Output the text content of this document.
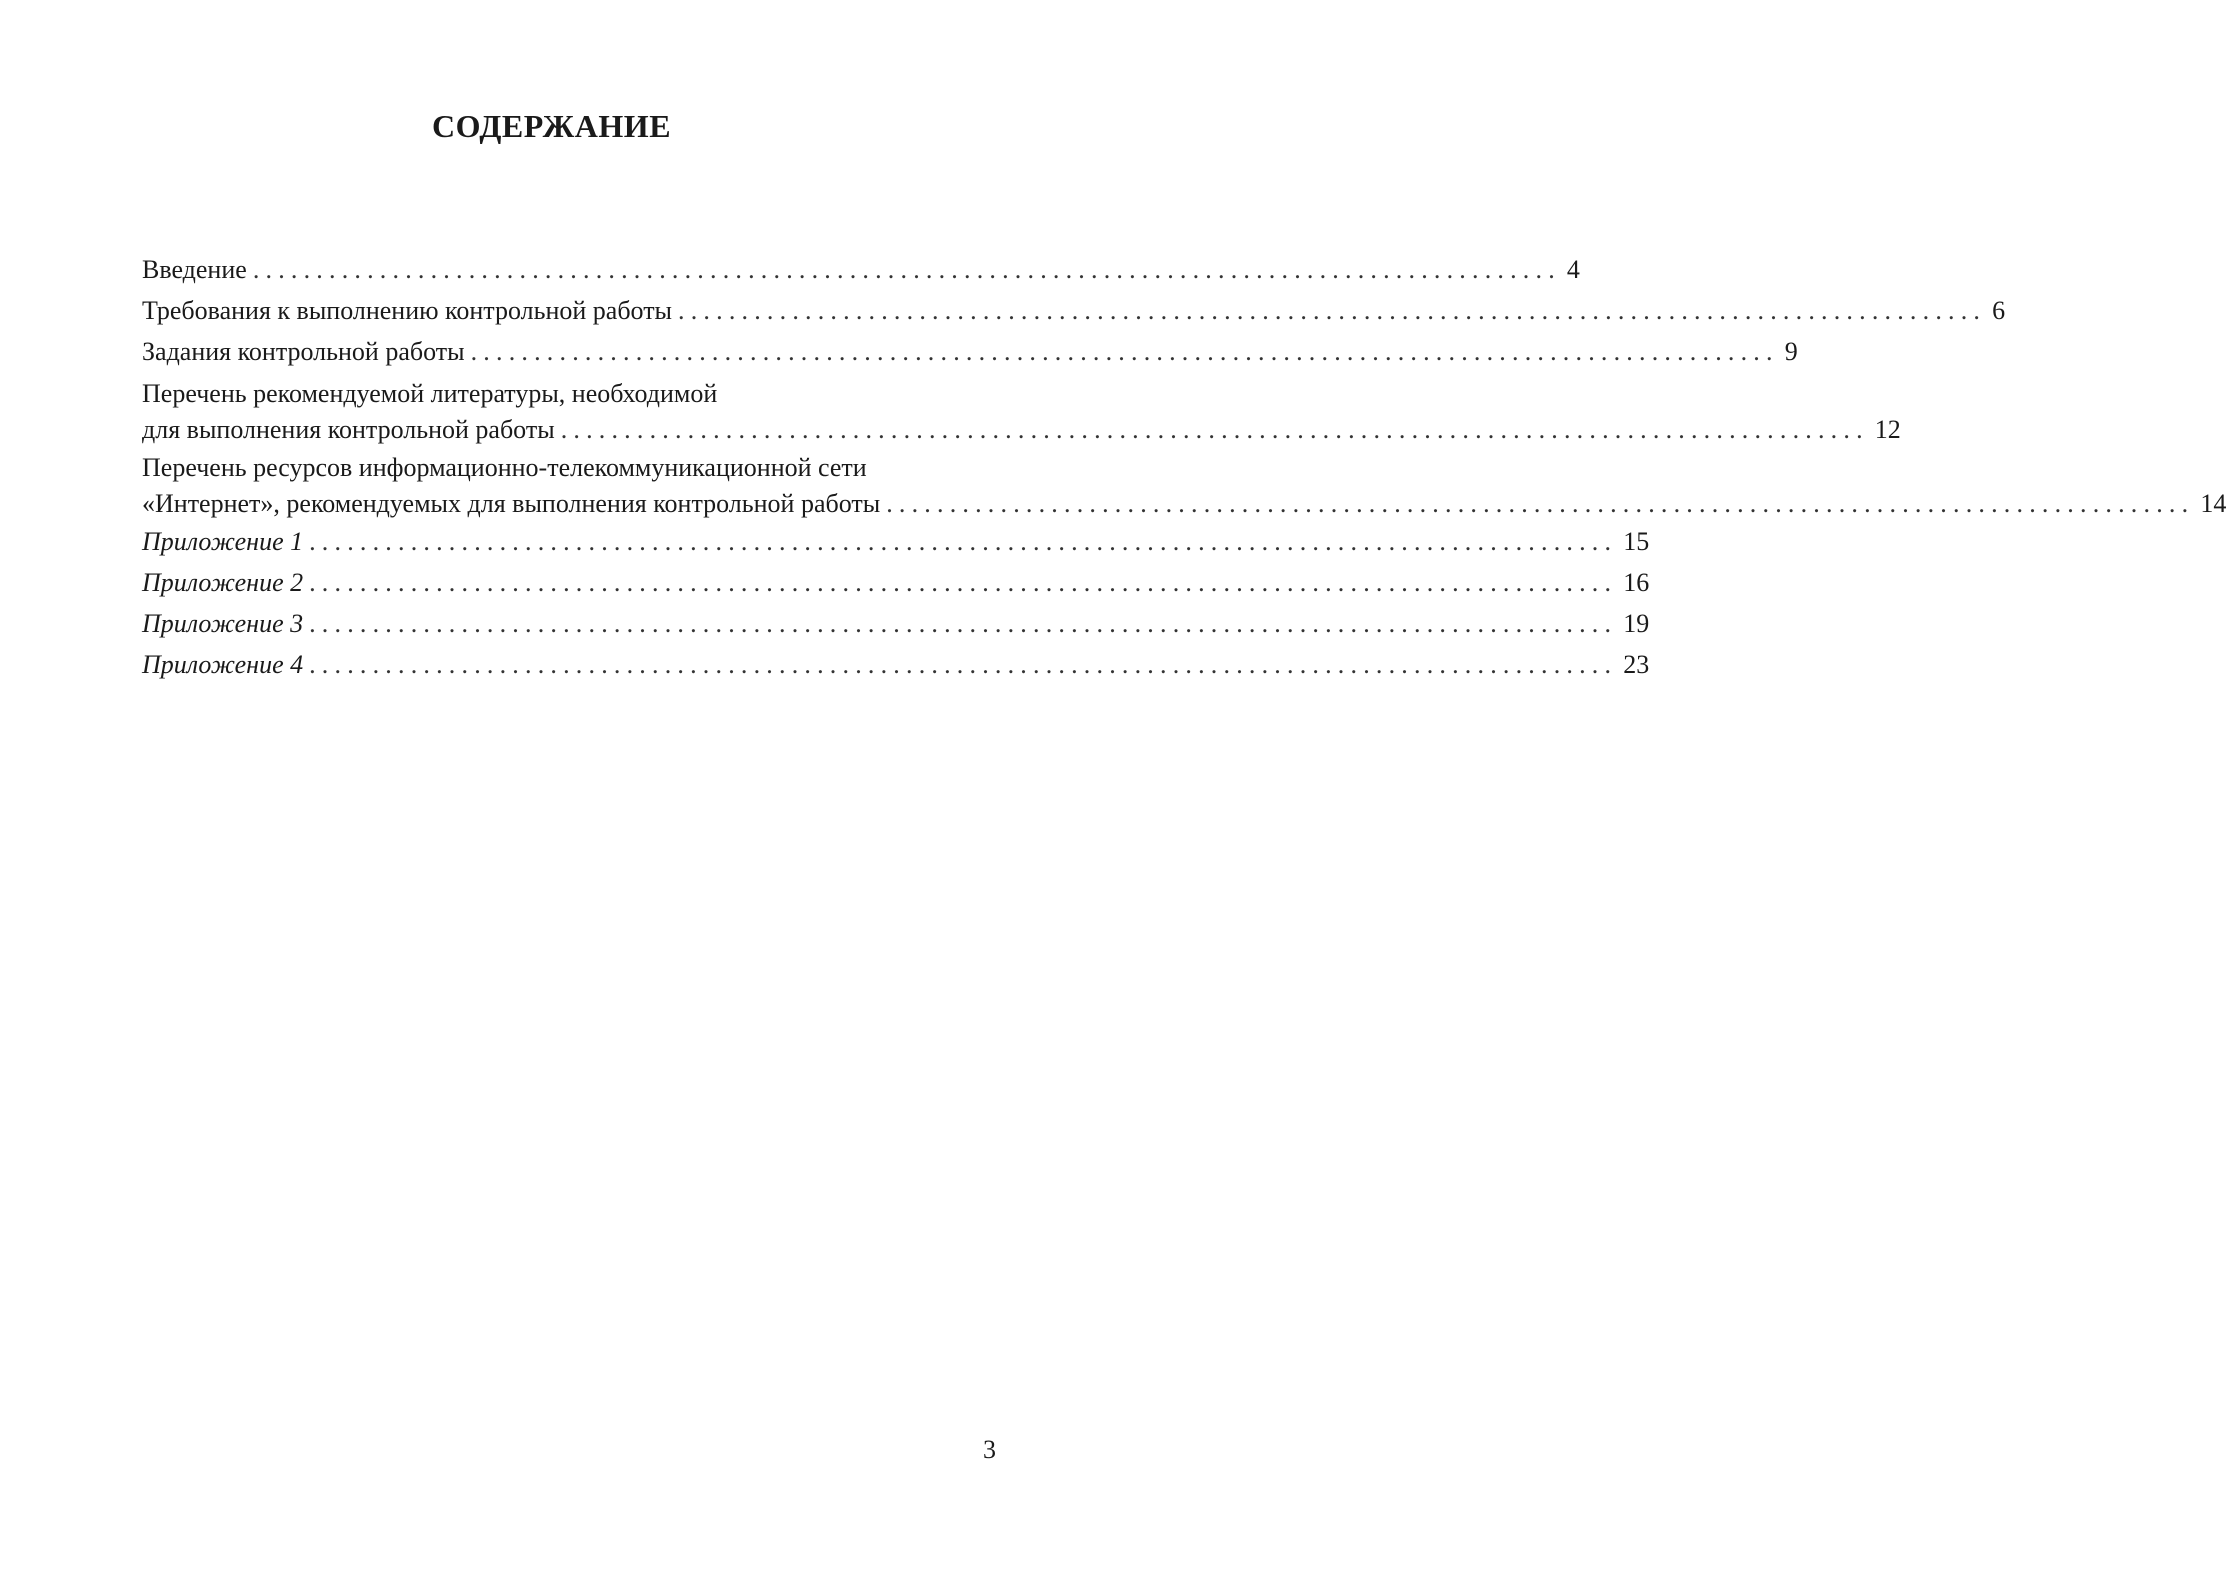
СОДЕРЖАНИЕ
Введение ....................................................................................................... 4
Требования к выполнению контрольной работы ....................................................................................................... 6
Задания контрольной работы ....................................................................................................... 9
Перечень рекомендуемой литературы, необходимой
для выполнения контрольной работы ....................................................................................................... 12
Перечень ресурсов информационно-телекоммуникационной сети
«Интернет», рекомендуемых для выполнения контрольной работы ....................................................................................................... 14
Приложение 1 ....................................................................................................... 15
Приложение 2 ....................................................................................................... 16
Приложение 3 ....................................................................................................... 19
Приложение 4 ....................................................................................................... 23
3
